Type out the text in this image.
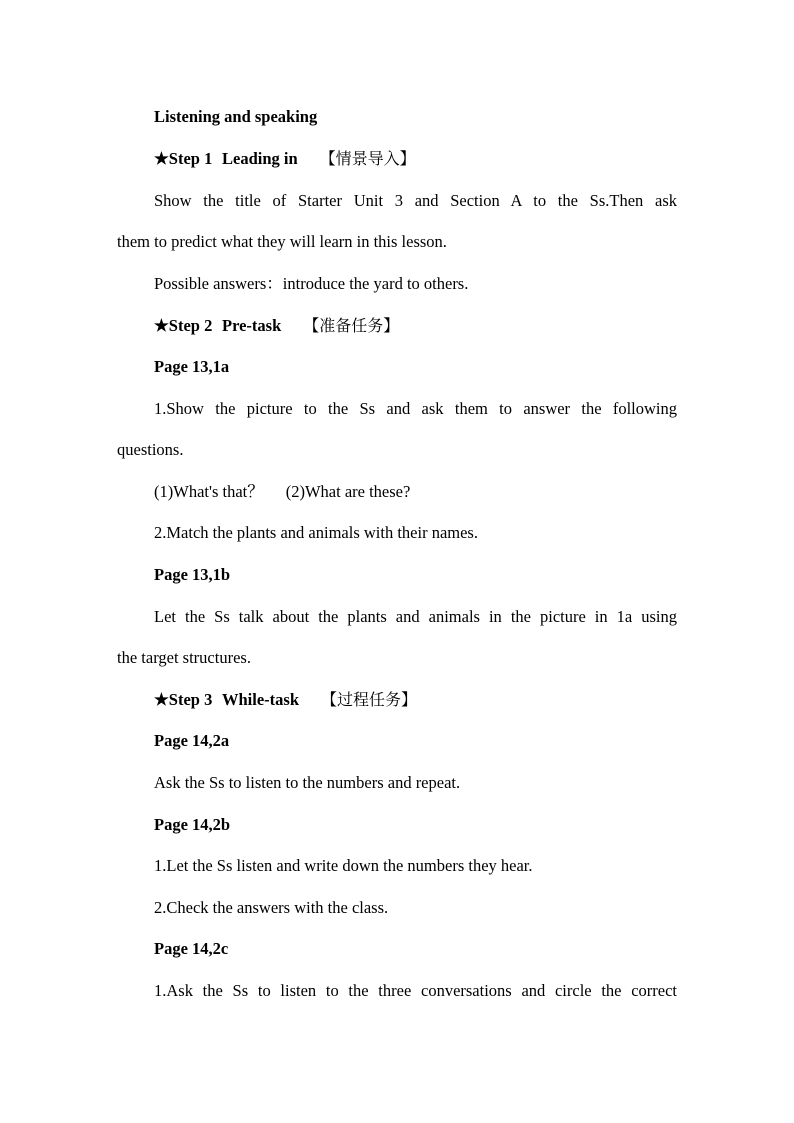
Listening and speaking
★Step 1 Leading in 【情景导入】
Show the title of Starter Unit 3 and Section A to the Ss.Then ask
them to predict what they will learn in this lesson.
Possible answers：introduce the yard to others.
★Step 2 Pre-task 【准备任务】
Page 13,1a
1.Show the picture to the Ss and ask them to answer the following
questions.
(1)What's that？ (2)What are these?
2.Match the plants and animals with their names.
Page 13,1b
Let the Ss talk about the plants and animals in the picture in 1a using
the target structures.
★Step 3 While-task 【过程任务】
Page 14,2a
Ask the Ss to listen to the numbers and repeat.
Page 14,2b
1.Let the Ss listen and write down the numbers they hear.
2.Check the answers with the class.
Page 14,2c
1.Ask the Ss to listen to the three conversations and circle the correct
